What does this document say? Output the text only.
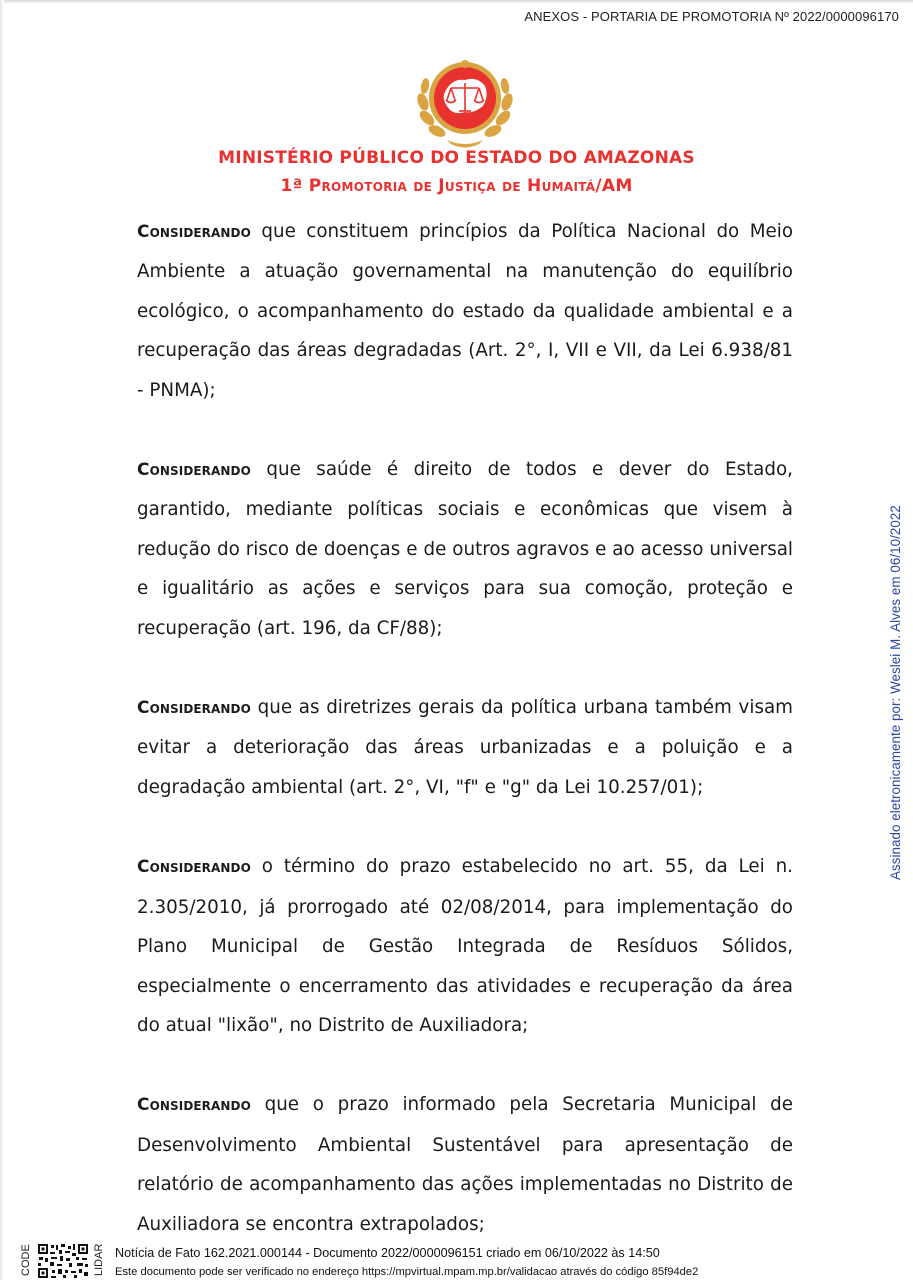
ANEXOS - PORTARIA DE PROMOTORIA Nº 2022/0000096170
MINISTÉRIO PÚBLICO DO ESTADO DO AMAZONAS
1ª Promotoria de Justiça de Humaitá/AM

Considerando que constituem princípios da Política Nacional do Meio Ambiente a atuação governamental na manutenção do equilíbrio ecológico, o acompanhamento do estado da qualidade ambiental e a recuperação das áreas degradadas (Art. 2°, I, VII e VII, da Lei 6.938/81 - PNMA);

Considerando que saúde é direito de todos e dever do Estado, garantido, mediante políticas sociais e econômicas que visem à redução do risco de doenças e de outros agravos e ao acesso universal e igualitário as ações e serviços para sua comoção, proteção e recuperação (art. 196, da CF/88);

Considerando que as diretrizes gerais da política urbana também visam evitar a deterioração das áreas urbanizadas e a poluição e a degradação ambiental (art. 2°, VI, "f" e "g" da Lei 10.257/01);

Considerando o término do prazo estabelecido no art. 55, da Lei n. 2.305/2010, já prorrogado até 02/08/2014, para implementação do Plano Municipal de Gestão Integrada de Resíduos Sólidos, especialmente o encerramento das atividades e recuperação da área do atual "lixão", no Distrito de Auxiliadora;

Considerando que o prazo informado pela Secretaria Municipal de Desenvolvimento Ambiental Sustentável para apresentação de relatório de acompanhamento das ações implementadas no Distrito de Auxiliadora se encontra extrapolados;

Assinado eletronicamente por: Weslei M. Alves em 06/10/2022
CODE	LIDAR Notícia de Fato 162.2021.000144 - Documento 2022/0000096151 criado em 06/10/2022 às 14:50
Este documento pode ser verificado no endereço https://mpvirtual.mpam.mp.br/validacao através do código 85f94de2
